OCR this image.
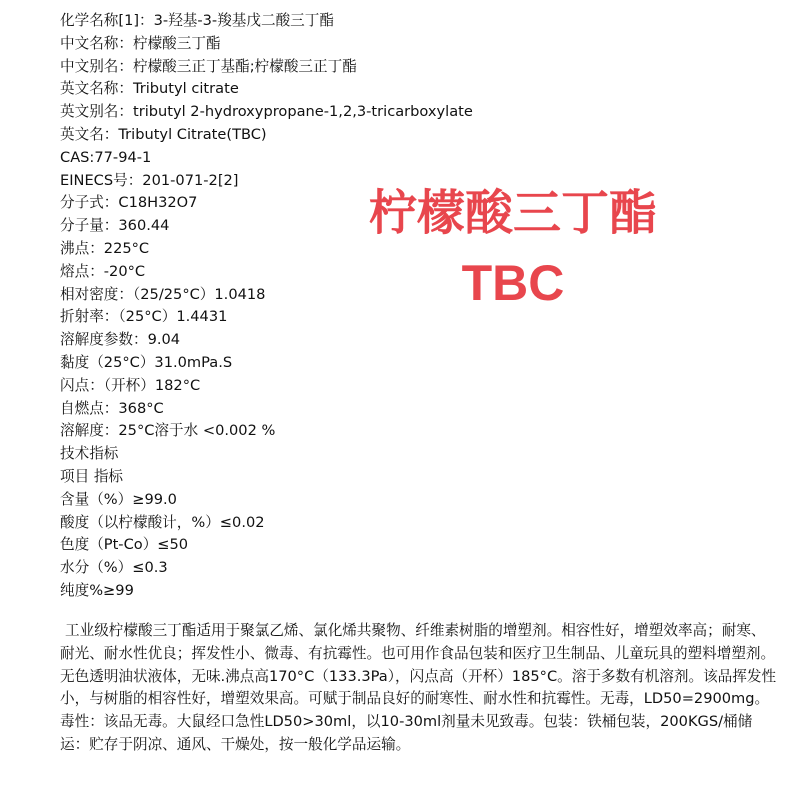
化学名称[1]：3-羟基-3-羧基戊二酸三丁酯
中文名称：柠檬酸三丁酯
中文别名：柠檬酸三正丁基酯;柠檬酸三正丁酯
英文名称：Tributyl citrate
英文别名：tributyl 2-hydroxypropane-1,2,3-tricarboxylate
英文名：Tributyl Citrate(TBC)
CAS:77-94-1
EINECS号：201-071-2[2]
分子式：C18H32O7
分子量：360.44
沸点：225°C
熔点：-20°C
相对密度：（25/25°C）1.0418
折射率：（25°C）1.4431
溶解度参数：9.04
黏度（25°C）31.0mPa.S
闪点：（开杯）182°C
自燃点：368°C
溶解度：25°C溶于水 <0.002 %
技术指标
项目 指标
含量（%）≥99.0
酸度（以柠檬酸计，%）≤0.02
色度（Pt-Co）≤50
水分（%）≤0.3
纯度%≥99
工业级柠檬酸三丁酯适用于聚氯乙烯、氯化烯共聚物、纤维素树脂的增塑剂。相容性好，增塑效率高；耐寒、耐光、耐水性优良；挥发性小、微毒、有抗霉性。也可用作食品包装和医疗卫生制品、儿童玩具的塑料增塑剂。无色透明油状液体，无味.沸点高170°C（133.3Pa），闪点高（开杯）185°C。溶于多数有机溶剂。该品挥发性小，与树脂的相容性好，增塑效果高。可赋于制品良好的耐寒性、耐水性和抗霉性。无毒，LD50=2900mg。毒性：该品无毒。大鼠经口急性LD50>30ml，以10-30ml剂量未见致毒。包装：铁桶包装，200KGS/桶储运：贮存于阴凉、通风、干燥处，按一般化学品运输。
柠檬酸三丁酯
TBC
